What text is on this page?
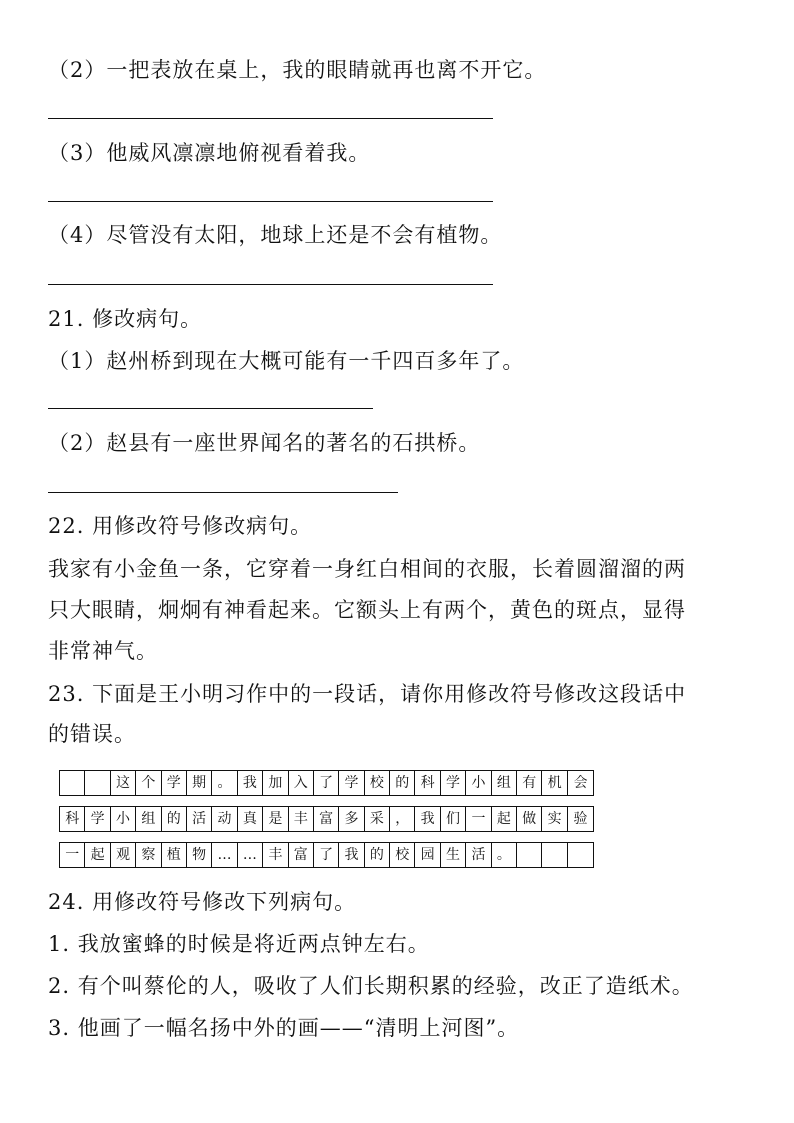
（2）一把表放在桌上，我的眼睛就再也离不开它。
（3）他威风凛凛地俯视看着我。
（4）尽管没有太阳，地球上还是不会有植物。
21. 修改病句。
（1）赵州桥到现在大概可能有一千四百多年了。
（2）赵县有一座世界闻名的著名的石拱桥。
22. 用修改符号修改病句。
我家有小金鱼一条，它穿着一身红白相间的衣服，长着圆溜溜的两
只大眼睛，炯炯有神看起来。它额头上有两个，黄色的斑点，显得
非常神气。
23. 下面是王小明习作中的一段话，请你用修改符号修改这段话中
的错误。
这 个 学 期 。 我 加 入 了 学 校 的 科 学 小 组 有 机 会
科 学 小 组 的 活 动 真 是 丰 富 多 采 ， 我 们 一 起 做 实 验
一 起 观 察 植 物 … … 丰 富 了 我 的 校 园 生 活 。
24. 用修改符号修改下列病句。
1. 我放蜜蜂的时候是将近两点钟左右。
2. 有个叫蔡伦的人，吸收了人们长期积累的经验，改正了造纸术。
3. 他画了一幅名扬中外的画——“清明上河图”。
